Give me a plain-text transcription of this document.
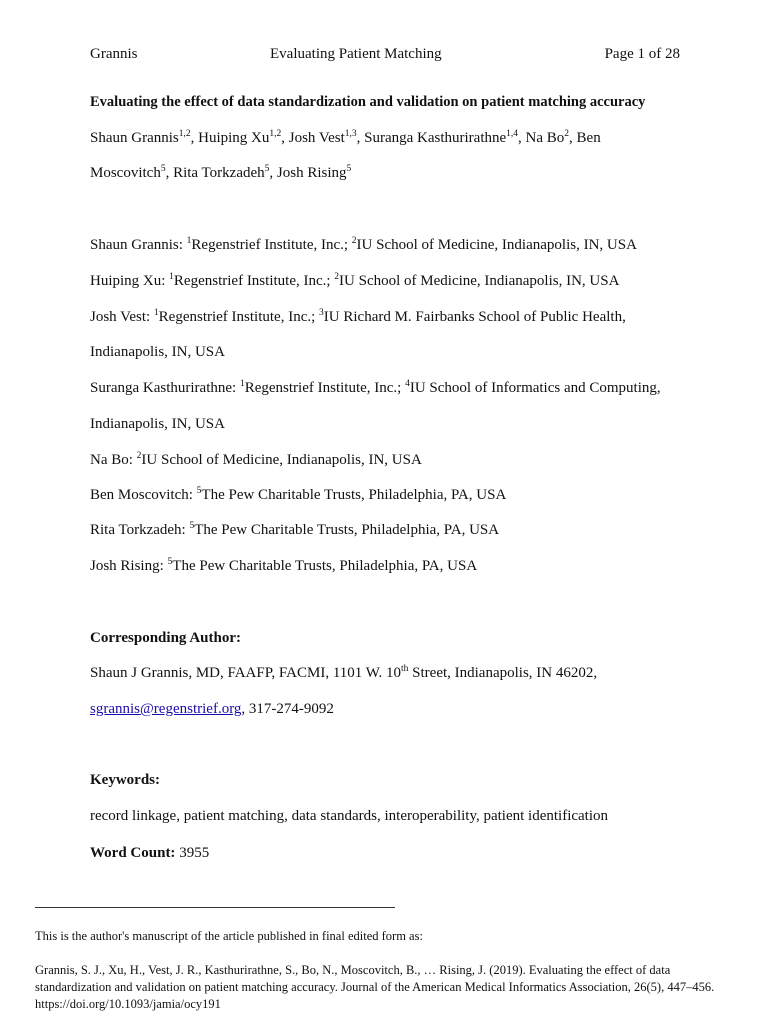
Grannis	Evaluating Patient Matching	Page 1 of 28
Evaluating the effect of data standardization and validation on patient matching accuracy
Shaun Grannis$^{1,2}$, Huiping Xu$^{1,2}$, Josh Vest$^{1,3}$, Suranga Kasthurirathne$^{1,4}$, Na Bo$^2$, Ben
Moscovitch$^5$, Rita Torkzadeh$^5$, Josh Rising$^5$
Shaun Grannis: $^1$Regenstrief Institute, Inc.; $^2$IU School of Medicine, Indianapolis, IN, USA
Huiping Xu: $^1$Regenstrief Institute, Inc.; $^2$IU School of Medicine, Indianapolis, IN, USA
Josh Vest: $^1$Regenstrief Institute, Inc.; $^3$IU Richard M. Fairbanks School of Public Health,
Indianapolis, IN, USA
Suranga Kasthurirathne: $^1$Regenstrief Institute, Inc.; $^4$IU School of Informatics and Computing,
Indianapolis, IN, USA
Na Bo: $^2$IU School of Medicine, Indianapolis, IN, USA
Ben Moscovitch: $^5$The Pew Charitable Trusts, Philadelphia, PA, USA
Rita Torkzadeh: $^5$The Pew Charitable Trusts, Philadelphia, PA, USA
Josh Rising: $^5$The Pew Charitable Trusts, Philadelphia, PA, USA
Corresponding Author:
Shaun J Grannis, MD, FAAFP, FACMI, 1101 W. 10th Street, Indianapolis, IN 46202,
sgrannis@regenstrief.org, 317-274-9092
Keywords:
record linkage, patient matching, data standards, interoperability, patient identification
Word Count: 3955
This is the author's manuscript of the article published in final edited form as:
Grannis, S. J., Xu, H., Vest, J. R., Kasthurirathne, S., Bo, N., Moscovitch, B., … Rising, J. (2019). Evaluating the effect of data standardization and validation on patient matching accuracy. Journal of the American Medical Informatics Association, 26(5), 447–456. https://doi.org/10.1093/jamia/ocy191
